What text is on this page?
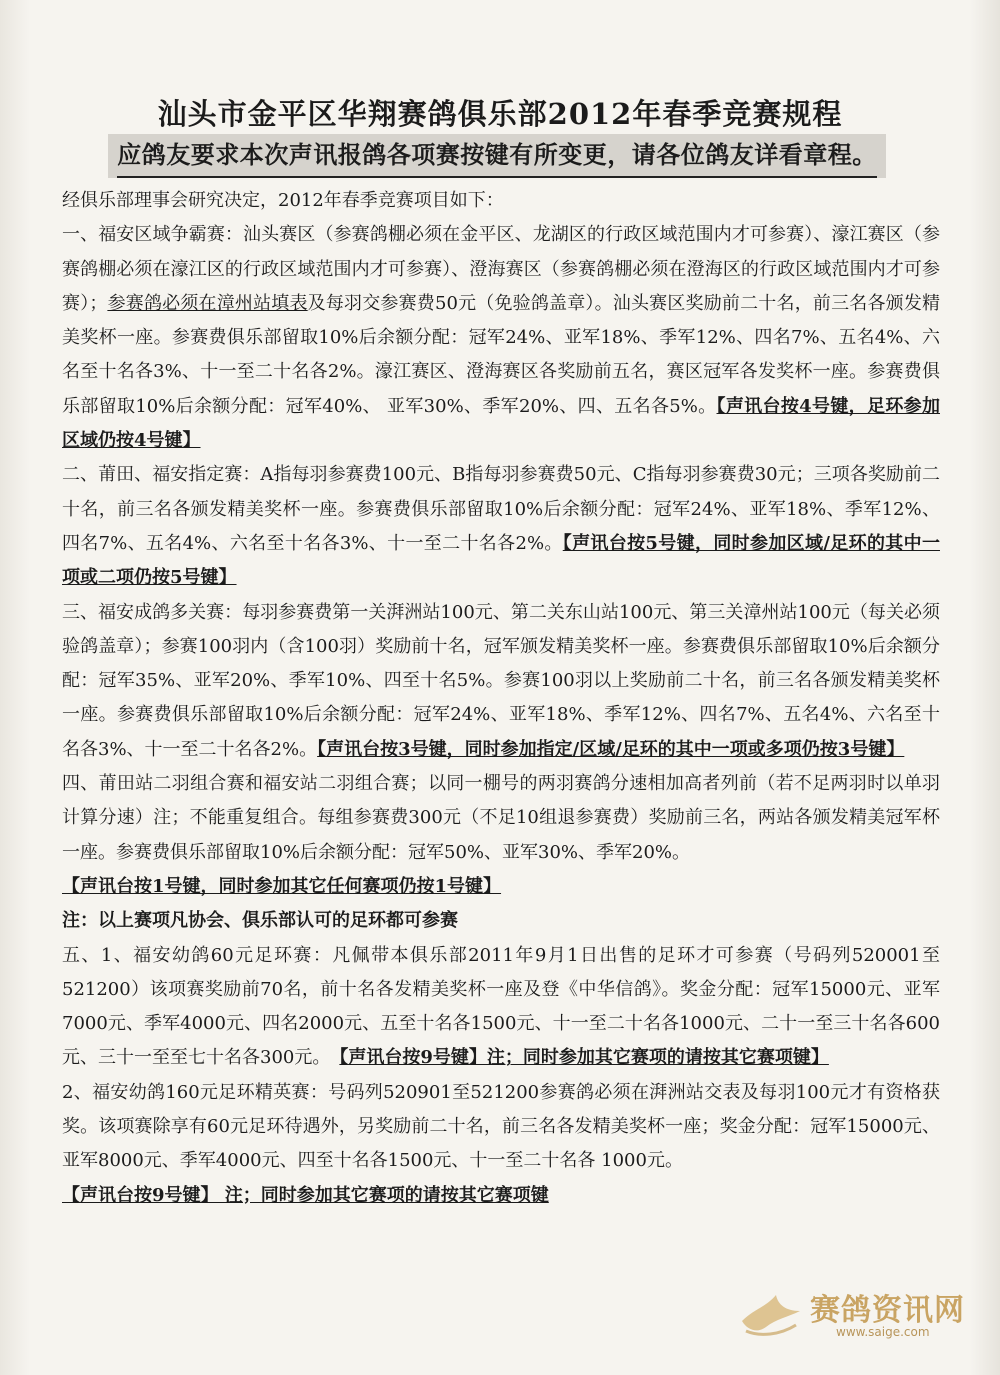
汕头市金平区华翔赛鸽俱乐部2012年春季竞赛规程
应鸽友要求本次声讯报鸽各项赛按键有所变更，请各位鸽友详看章程。

经俱乐部理事会研究决定，2012年春季竞赛项目如下：

一、福安区域争霸赛：汕头赛区（参赛鸽棚必须在金平区、龙湖区的行政区域范围内才可参赛）、濠江赛区（参赛鸽棚必须在濠江区的行政区域范围内才可参赛）、澄海赛区（参赛鸽棚必须在澄海区的行政区域范围内才可参赛）；参赛鸽必须在漳州站填表及每羽交参赛费50元（免验鸽盖章）。汕头赛区奖励前二十名，前三名各颁发精美奖杯一座。参赛费俱乐部留取10%后余额分配：冠军24%、亚军18%、季军12%、四名7%、五名4%、六名至十名各3%、十一至二十名各2%。濠江赛区、澄海赛区各奖励前五名，赛区冠军各发奖杯一座。参赛费俱乐部留取10%后余额分配：冠军40%、 亚军30%、季军20%、四、五名各5%。【声讯台按4号键，足环参加区域仍按4号键】

二、莆田、福安指定赛：A指每羽参赛费100元、B指每羽参赛费50元、C指每羽参赛费30元；三项各奖励前二十名，前三名各颁发精美奖杯一座。参赛费俱乐部留取10%后余额分配：冠军24%、亚军18%、季军12%、四名7%、五名4%、六名至十名各3%、十一至二十名各2%。【声讯台按5号键，同时参加区域/足环的其中一项或二项仍按5号键】

三、福安成鸽多关赛：每羽参赛费第一关湃洲站100元、第二关东山站100元、第三关漳州站100元（每关必须验鸽盖章）；参赛100羽内（含100羽）奖励前十名，冠军颁发精美奖杯一座。参赛费俱乐部留取10%后余额分配：冠军35%、亚军20%、季军10%、四至十名5%。参赛100羽以上奖励前二十名，前三名各颁发精美奖杯一座。参赛费俱乐部留取10%后余额分配：冠军24%、亚军18%、季军12%、四名7%、五名4%、六名至十名各3%、十一至二十名各2%。【声讯台按3号键，同时参加指定/区域/足环的其中一项或多项仍按3号键】

四、莆田站二羽组合赛和福安站二羽组合赛；以同一棚号的两羽赛鸽分速相加高者列前（若不足两羽时以单羽计算分速）注；不能重复组合。每组参赛费300元（不足10组退参赛费）奖励前三名，两站各颁发精美冠军杯一座。参赛费俱乐部留取10%后余额分配：冠军50%、亚军30%、季军20%。

【声讯台按1号键，同时参加其它任何赛项仍按1号键】

注：以上赛项凡协会、俱乐部认可的足环都可参赛

五、1、福安幼鸽60元足环赛：凡佩带本俱乐部2011年9月1日出售的足环才可参赛（号码列520001至521200）该项赛奖励前70名，前十名各发精美奖杯一座及登《中华信鸽》。奖金分配：冠军15000元、亚军7000元、季军4000元、四名2000元、五至十名各1500元、十一至二十名各1000元、二十一至三十名各600元、三十一至至七十名各300元。　【声讯台按9号键】注；同时参加其它赛项的请按其它赛项键】

2、福安幼鸽160元足环精英赛：号码列520901至521200参赛鸽必须在湃洲站交表及每羽100元才有资格获奖。该项赛除享有60元足环待遇外，另奖励前二十名，前三名各发精美奖杯一座；奖金分配：冠军15000元、亚军8000元、季军4000元、四至十名各1500元、十一至二十名各 1000元。

【声讯台按9号键】 注；同时参加其它赛项的请按其它赛项键

赛鸽资讯网
www.saige.com
